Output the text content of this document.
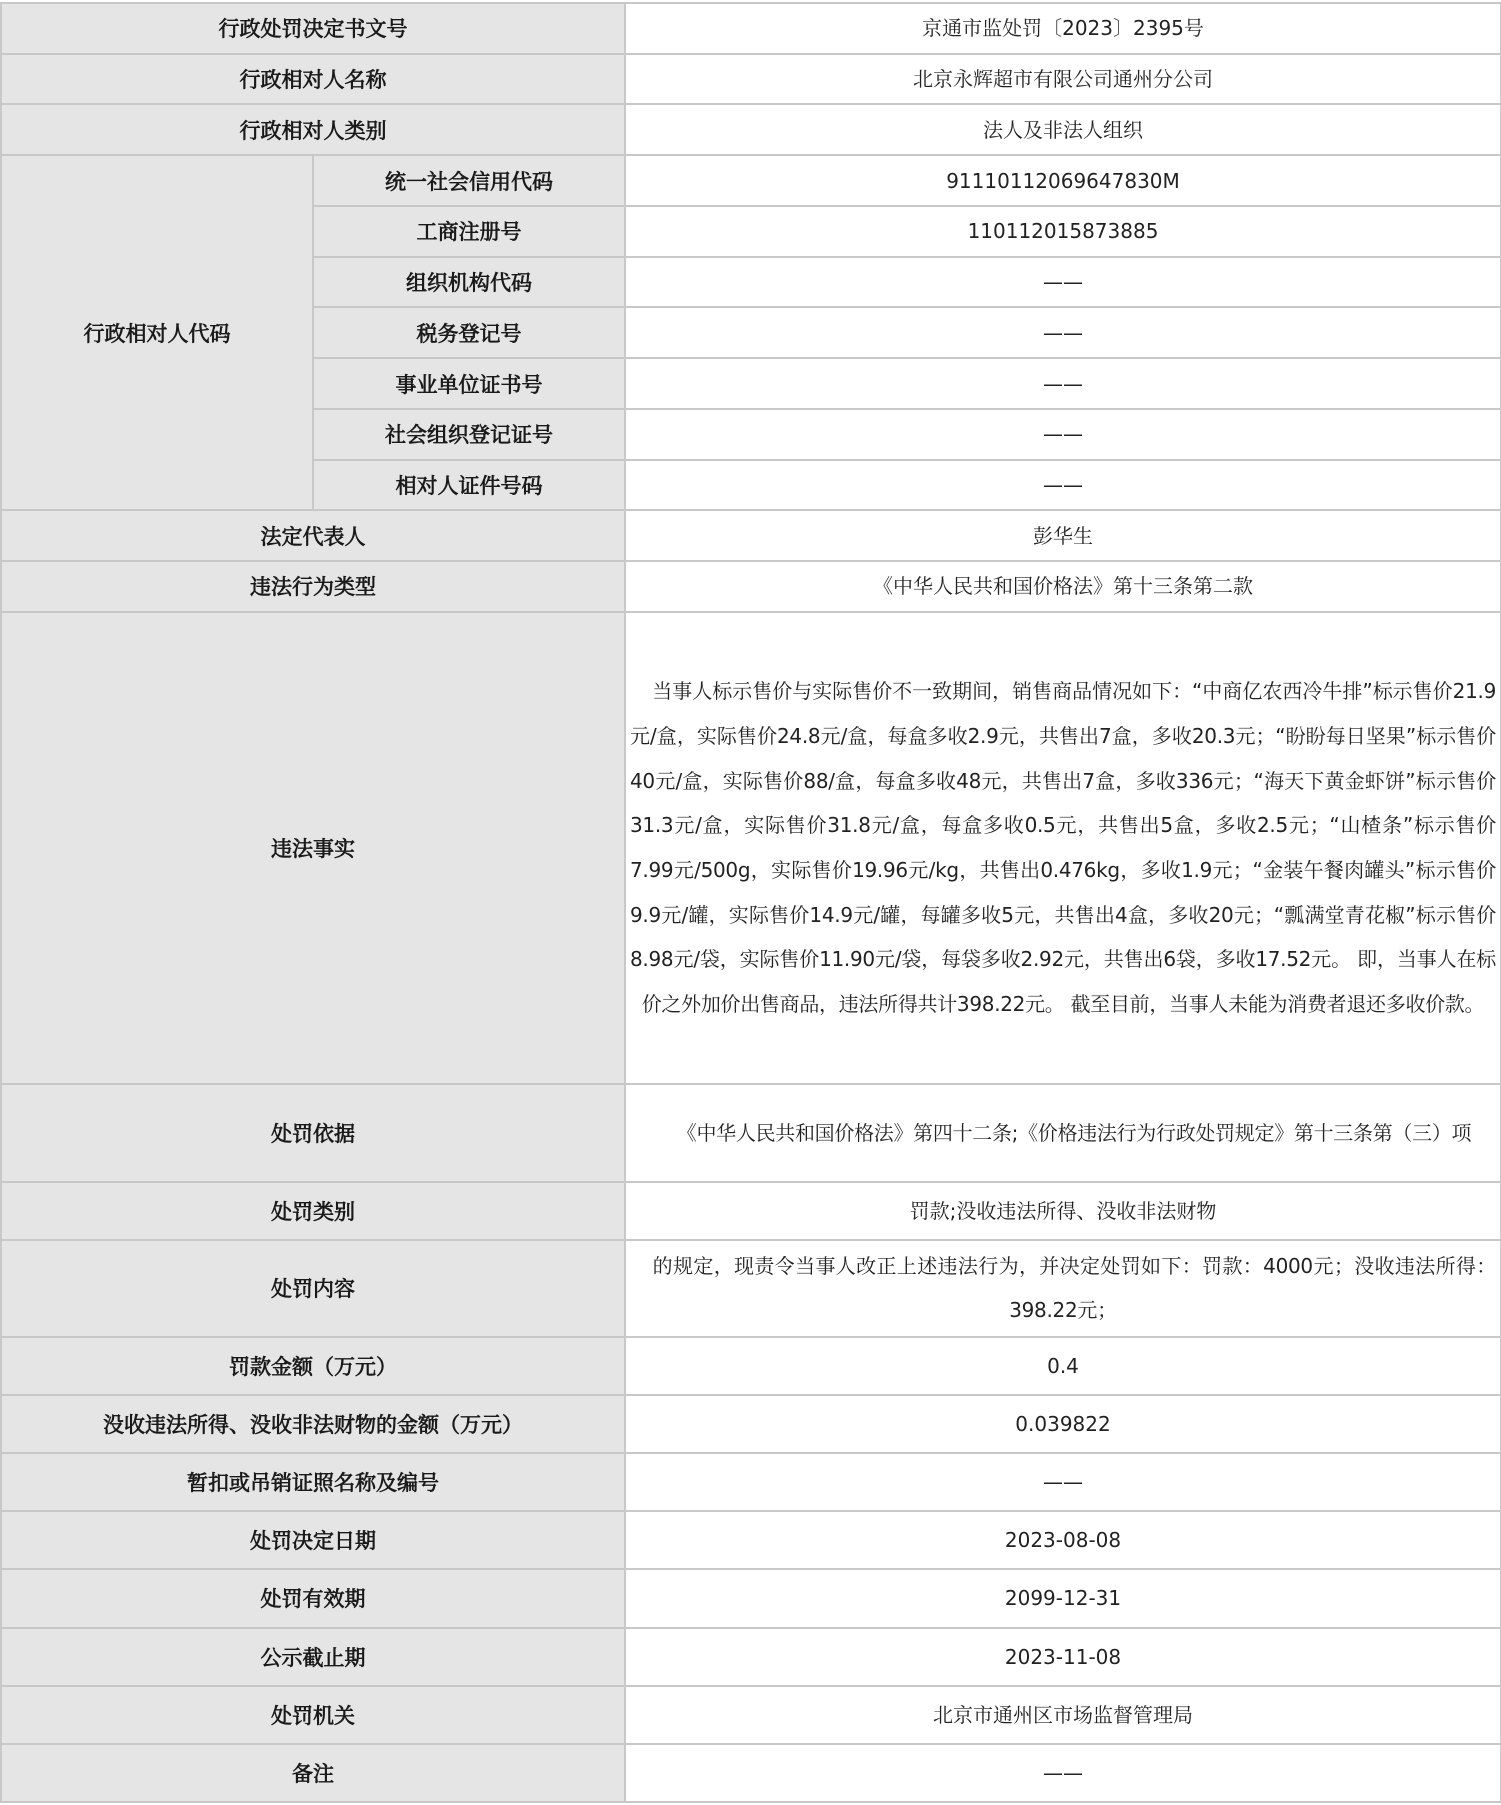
行政处罚决定书文号		京通市监处罚〔2023〕2395号
行政相对人名称		北京永辉超市有限公司通州分公司
行政相对人类别		法人及非法人组织
行政相对人代码	统一社会信用代码	91110112069647830M
	工商注册号	110112015873885
	组织机构代码	——
	税务登记号	——
	事业单位证书号	——
	社会组织登记证号	——
	相对人证件号码	——
法定代表人		彭华生
违法行为类型		《中华人民共和国价格法》第十三条第二款
违法事实		当事人标示售价与实际售价不一致期间，销售商品情况如下：“中商亿农西冷牛排”标示售价21.9元/盒，实际售价24.8元/盒，每盒多收2.9元，共售出7盒，多收20.3元；“盼盼每日坚果”标示售价40元/盒，实际售价88/盒，每盒多收48元，共售出7盒，多收336元；“海天下黄金虾饼”标示售价31.3元/盒，实际售价31.8元/盒，每盒多收0.5元，共售出5盒，多收2.5元；“山楂条”标示售价7.99元/500g，实际售价19.96元/kg，共售出0.476kg，多收1.9元；“金装午餐肉罐头”标示售价9.9元/罐，实际售价14.9元/罐，每罐多收5元，共售出4盒，多收20元；“瓢满堂青花椒”标示售价8.98元/袋，实际售价11.90元/袋，每袋多收2.92元，共售出6袋，多收17.52元。 即，当事人在标价之外加价出售商品，违法所得共计398.22元。 截至目前，当事人未能为消费者退还多收价款。
处罚依据		《中华人民共和国价格法》第四十二条;《价格违法行为行政处罚规定》第十三条第（三）项
处罚类别		罚款;没收违法所得、没收非法财物
处罚内容		的规定，现责令当事人改正上述违法行为，并决定处罚如下：罚款：4000元；没收违法所得：398.22元；
罚款金额（万元）		0.4
没收违法所得、没收非法财物的金额（万元）		0.039822
暂扣或吊销证照名称及编号		——
处罚决定日期		2023-08-08
处罚有效期		2099-12-31
公示截止期		2023-11-08
处罚机关		北京市通州区市场监督管理局
备注		——
